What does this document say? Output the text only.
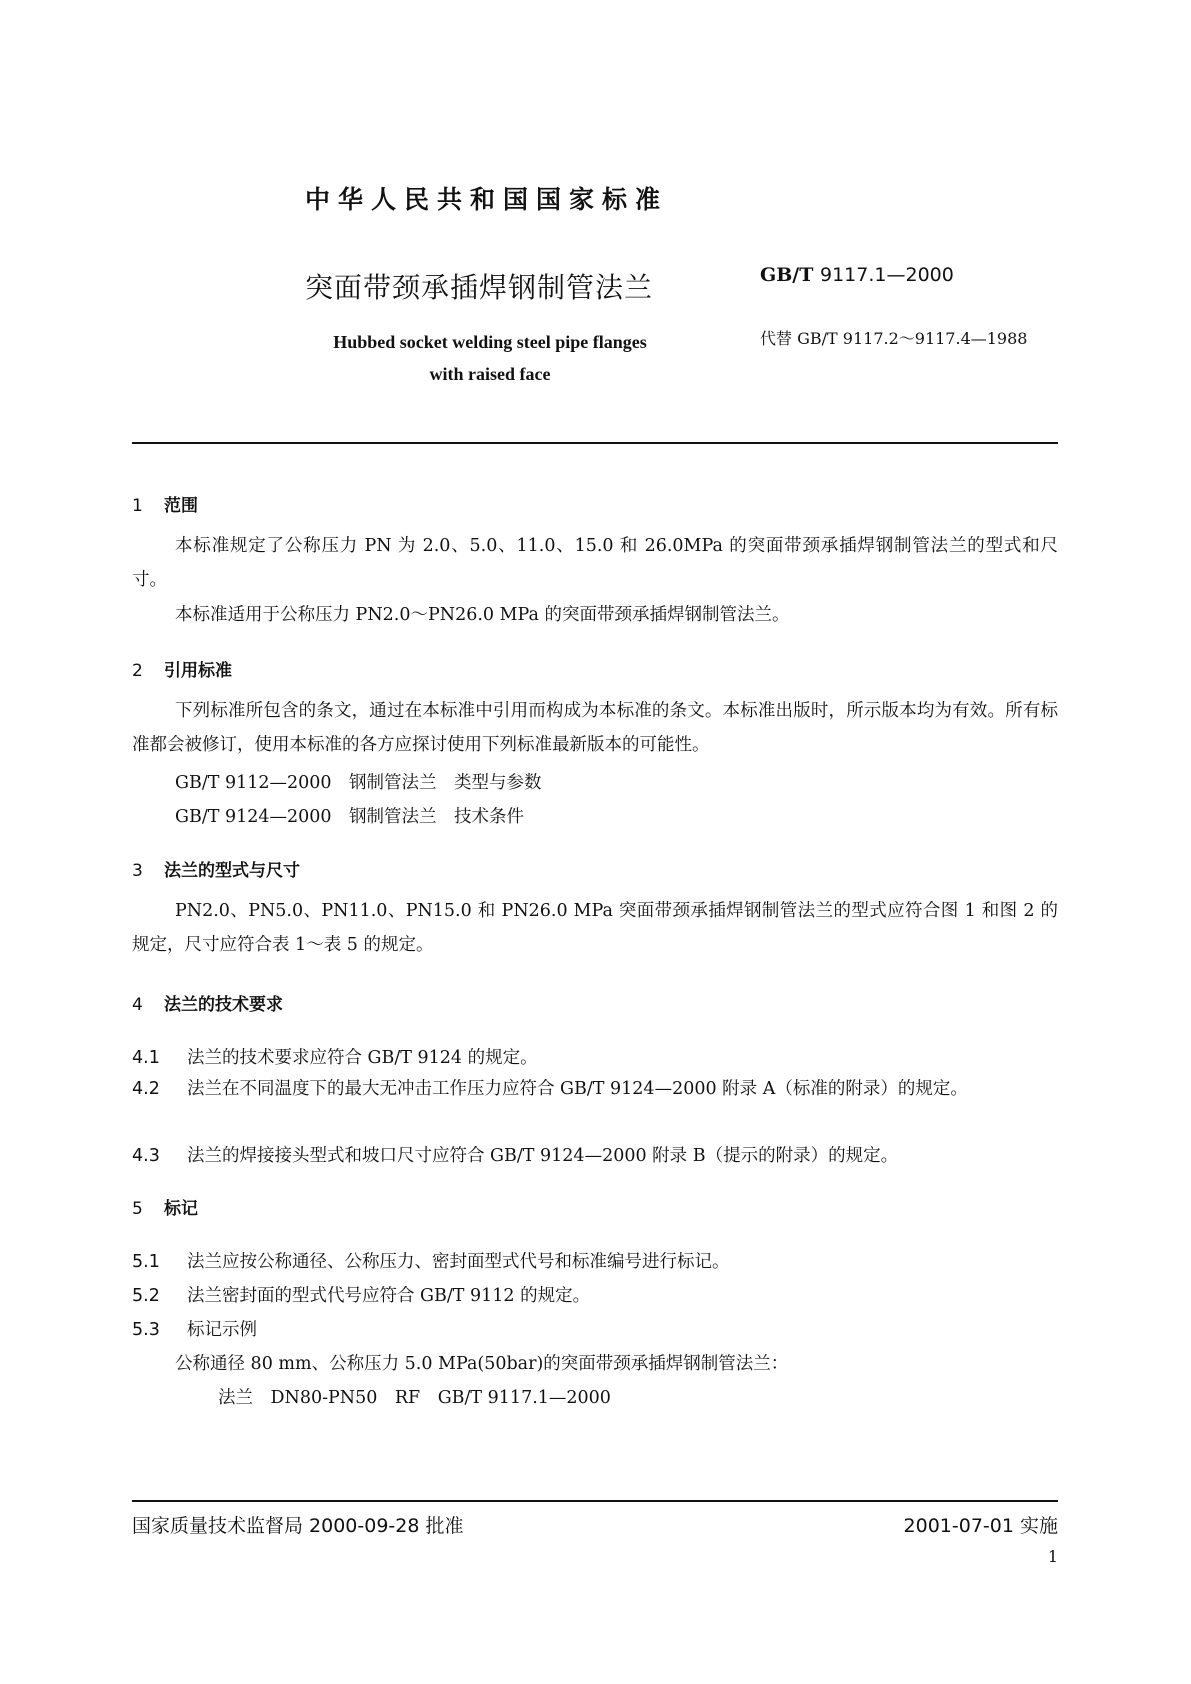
中华人民共和国国家标准
突面带颈承插焊钢制管法兰	GB/T 9117.1—2000
Hubbed socket welding steel pipe flanges
with raised face
代替 GB/T 9117.2～9117.4—1988
1 范围
本标准规定了公称压力 PN 为 2.0、5.0、11.0、15.0 和 26.0MPa 的突面带颈承插焊钢制管法兰的型式和尺寸。
本标准适用于公称压力 PN2.0～PN26.0 MPa 的突面带颈承插焊钢制管法兰。
2 引用标准
下列标准所包含的条文，通过在本标准中引用而构成为本标准的条文。本标准出版时，所示版本均为有效。所有标准都会被修订，使用本标准的各方应探讨使用下列标准最新版本的可能性。
GB/T 9112—2000　钢制管法兰　类型与参数
GB/T 9124—2000　钢制管法兰　技术条件
3 法兰的型式与尺寸
PN2.0、PN5.0、PN11.0、PN15.0 和 PN26.0 MPa 突面带颈承插焊钢制管法兰的型式应符合图 1 和图 2 的规定，尺寸应符合表 1～表 5 的规定。
4 法兰的技术要求
4.1 法兰的技术要求应符合 GB/T 9124 的规定。
4.2 法兰在不同温度下的最大无冲击工作压力应符合 GB/T 9124—2000 附录 A（标准的附录）的规定。
4.3 法兰的焊接接头型式和坡口尺寸应符合 GB/T 9124—2000 附录 B（提示的附录）的规定。
5 标记
5.1 法兰应按公称通径、公称压力、密封面型式代号和标准编号进行标记。
5.2 法兰密封面的型式代号应符合 GB/T 9112 的规定。
5.3 标记示例
公称通径 80 mm、公称压力 5.0 MPa(50bar)的突面带颈承插焊钢制管法兰：
法兰　DN80-PN50　RF　GB/T 9117.1—2000
国家质量技术监督局 2000-09-28 批准	2001-07-01 实施
1
